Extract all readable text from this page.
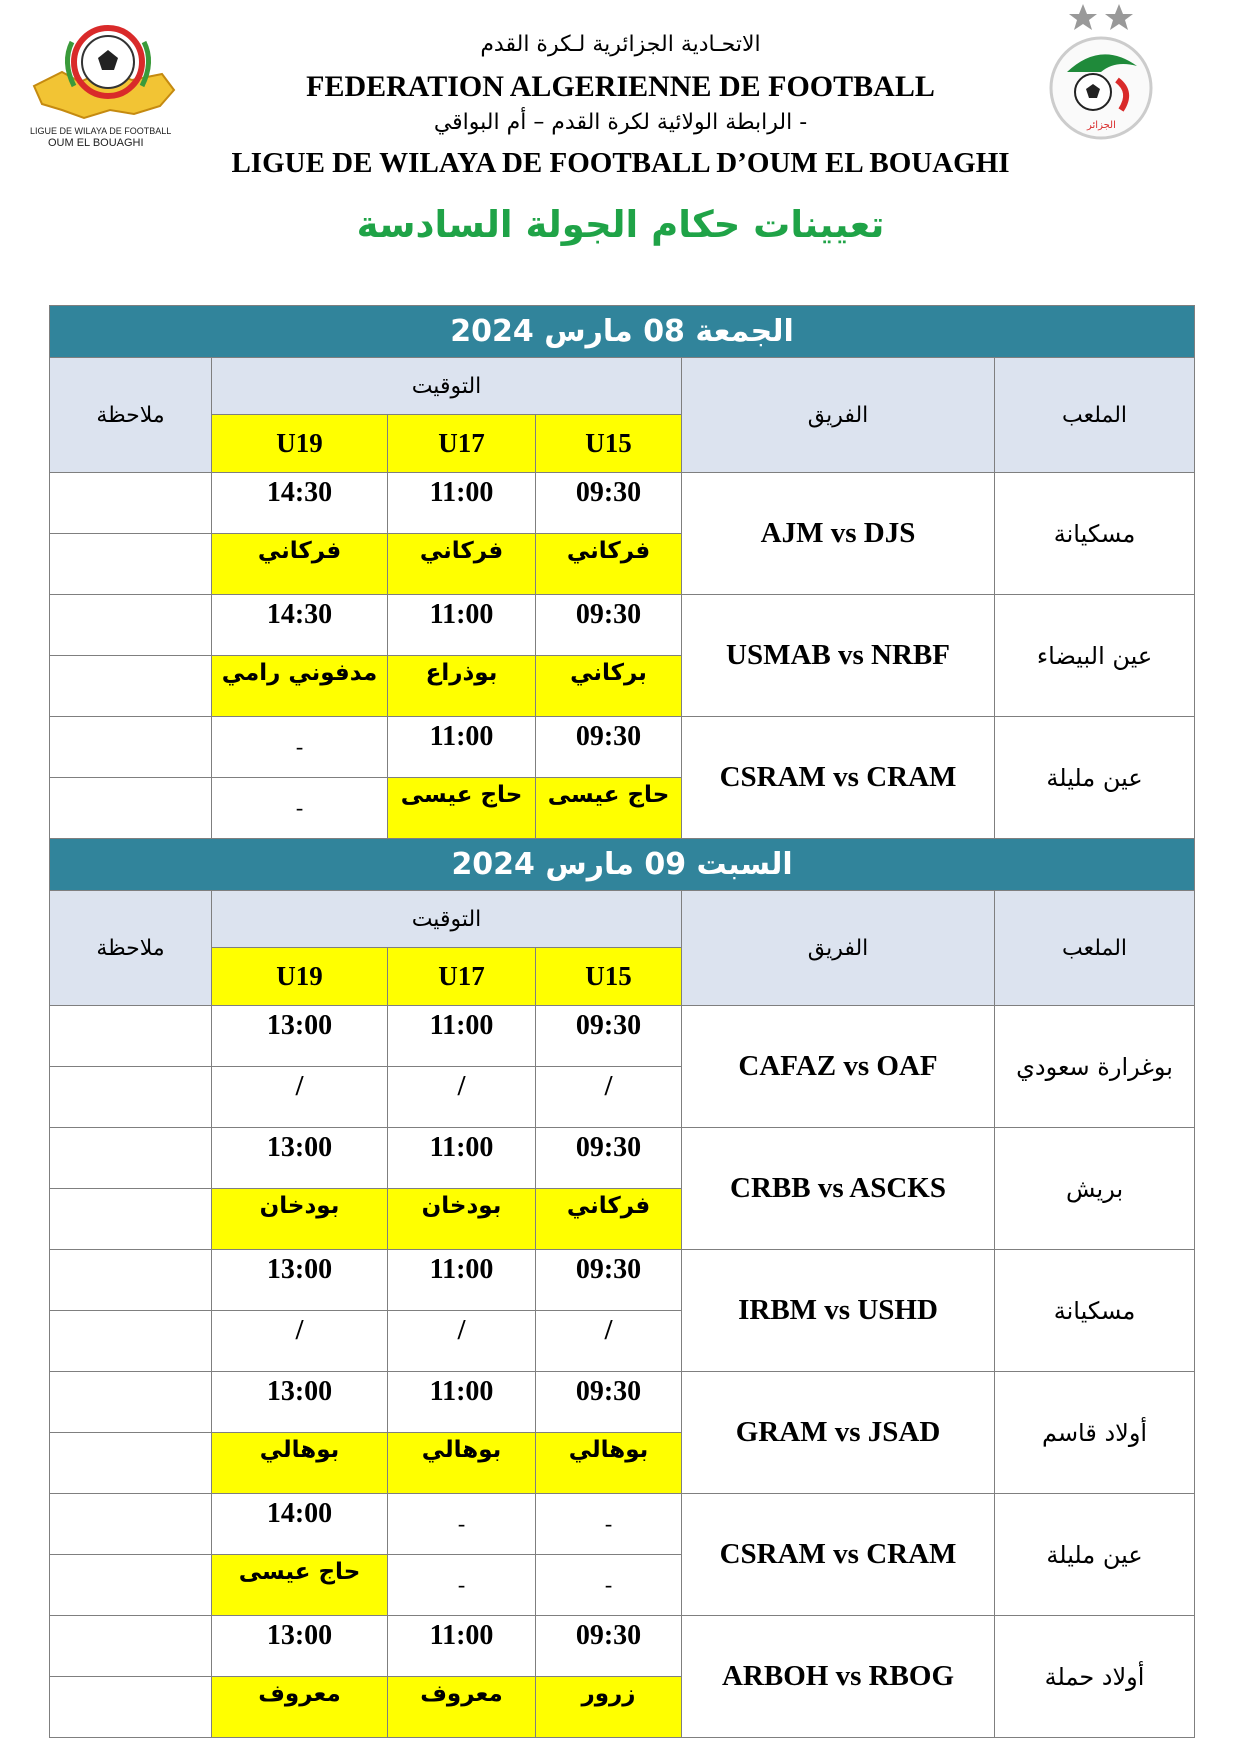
LIGUE DE WILAYA DE FOOTBALL
OUM EL BOUAGHI
الجزائر
الاتحـادية الجزائرية لـكرة القدم
FEDERATION ALGERIENNE DE FOOTBALL
الرابطة الولائية لكرة القدم – أم البواقي -
LIGUE DE WILAYA DE FOOTBALL D’OUM EL BOUAGHI
تعيينات حكام الجولة السادسة
الجمعة 08 مارس 2024					
ملاحظة	التوقيت			الفريق	الملعب
	U19	U17	U15		
	14:30	11:00	09:30	AJM vs DJS	مسكيانة
	فركاني	فركاني	فركاني		
	14:30	11:00	09:30	USMAB vs NRBF	عين البيضاء
	مدفوني رامي	بوذراع	بركاني		
	-	11:00	09:30	CSRAM vs CRAM	عين مليلة
	-	حاج عيسى	حاج عيسى		
السبت 09 مارس 2024					
ملاحظة	التوقيت			الفريق	الملعب
	U19	U17	U15		
	13:00	11:00	09:30	CAFAZ vs OAF	بوغرارة سعودي
	/	/	/		
	13:00	11:00	09:30	CRBB vs ASCKS	بريش
	بودخان	بودخان	فركاني		
	13:00	11:00	09:30	IRBM vs USHD	مسكيانة
	/	/	/		
	13:00	11:00	09:30	GRAM vs JSAD	أولاد قاسم
	بوهالي	بوهالي	بوهالي		
	14:00	-	-	CSRAM vs CRAM	عين مليلة
	حاج عيسى	-	-		
	13:00	11:00	09:30	ARBOH vs RBOG	أولاد حملة
	معروف	معروف	زرور		
